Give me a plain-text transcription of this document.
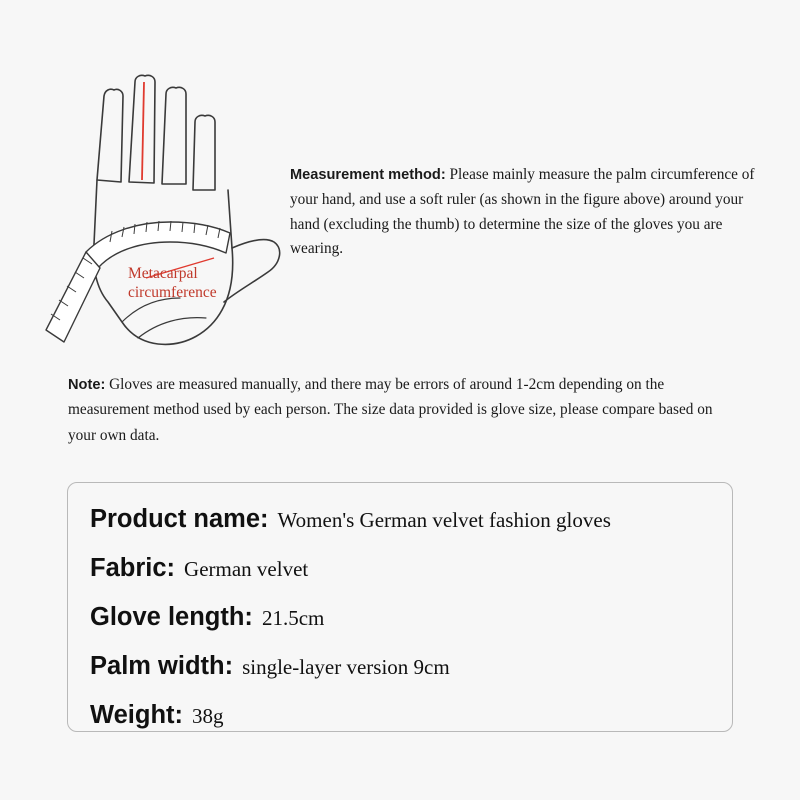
Metacarpal
circumference
Measurement method: Please mainly measure the palm circumference of your hand, and use a soft ruler (as shown in the figure above) around your hand (excluding the thumb) to determine the size of the gloves you are wearing.
Note: Gloves are measured manually, and there may be errors of around 1-2cm depending on the measurement method used by each person. The size data provided is glove size, please compare based on your own data.
Product name: Women's German velvet fashion gloves
Fabric: German velvet
Glove length: 21.5cm
Palm width: single-layer version 9cm
Weight: 38g
